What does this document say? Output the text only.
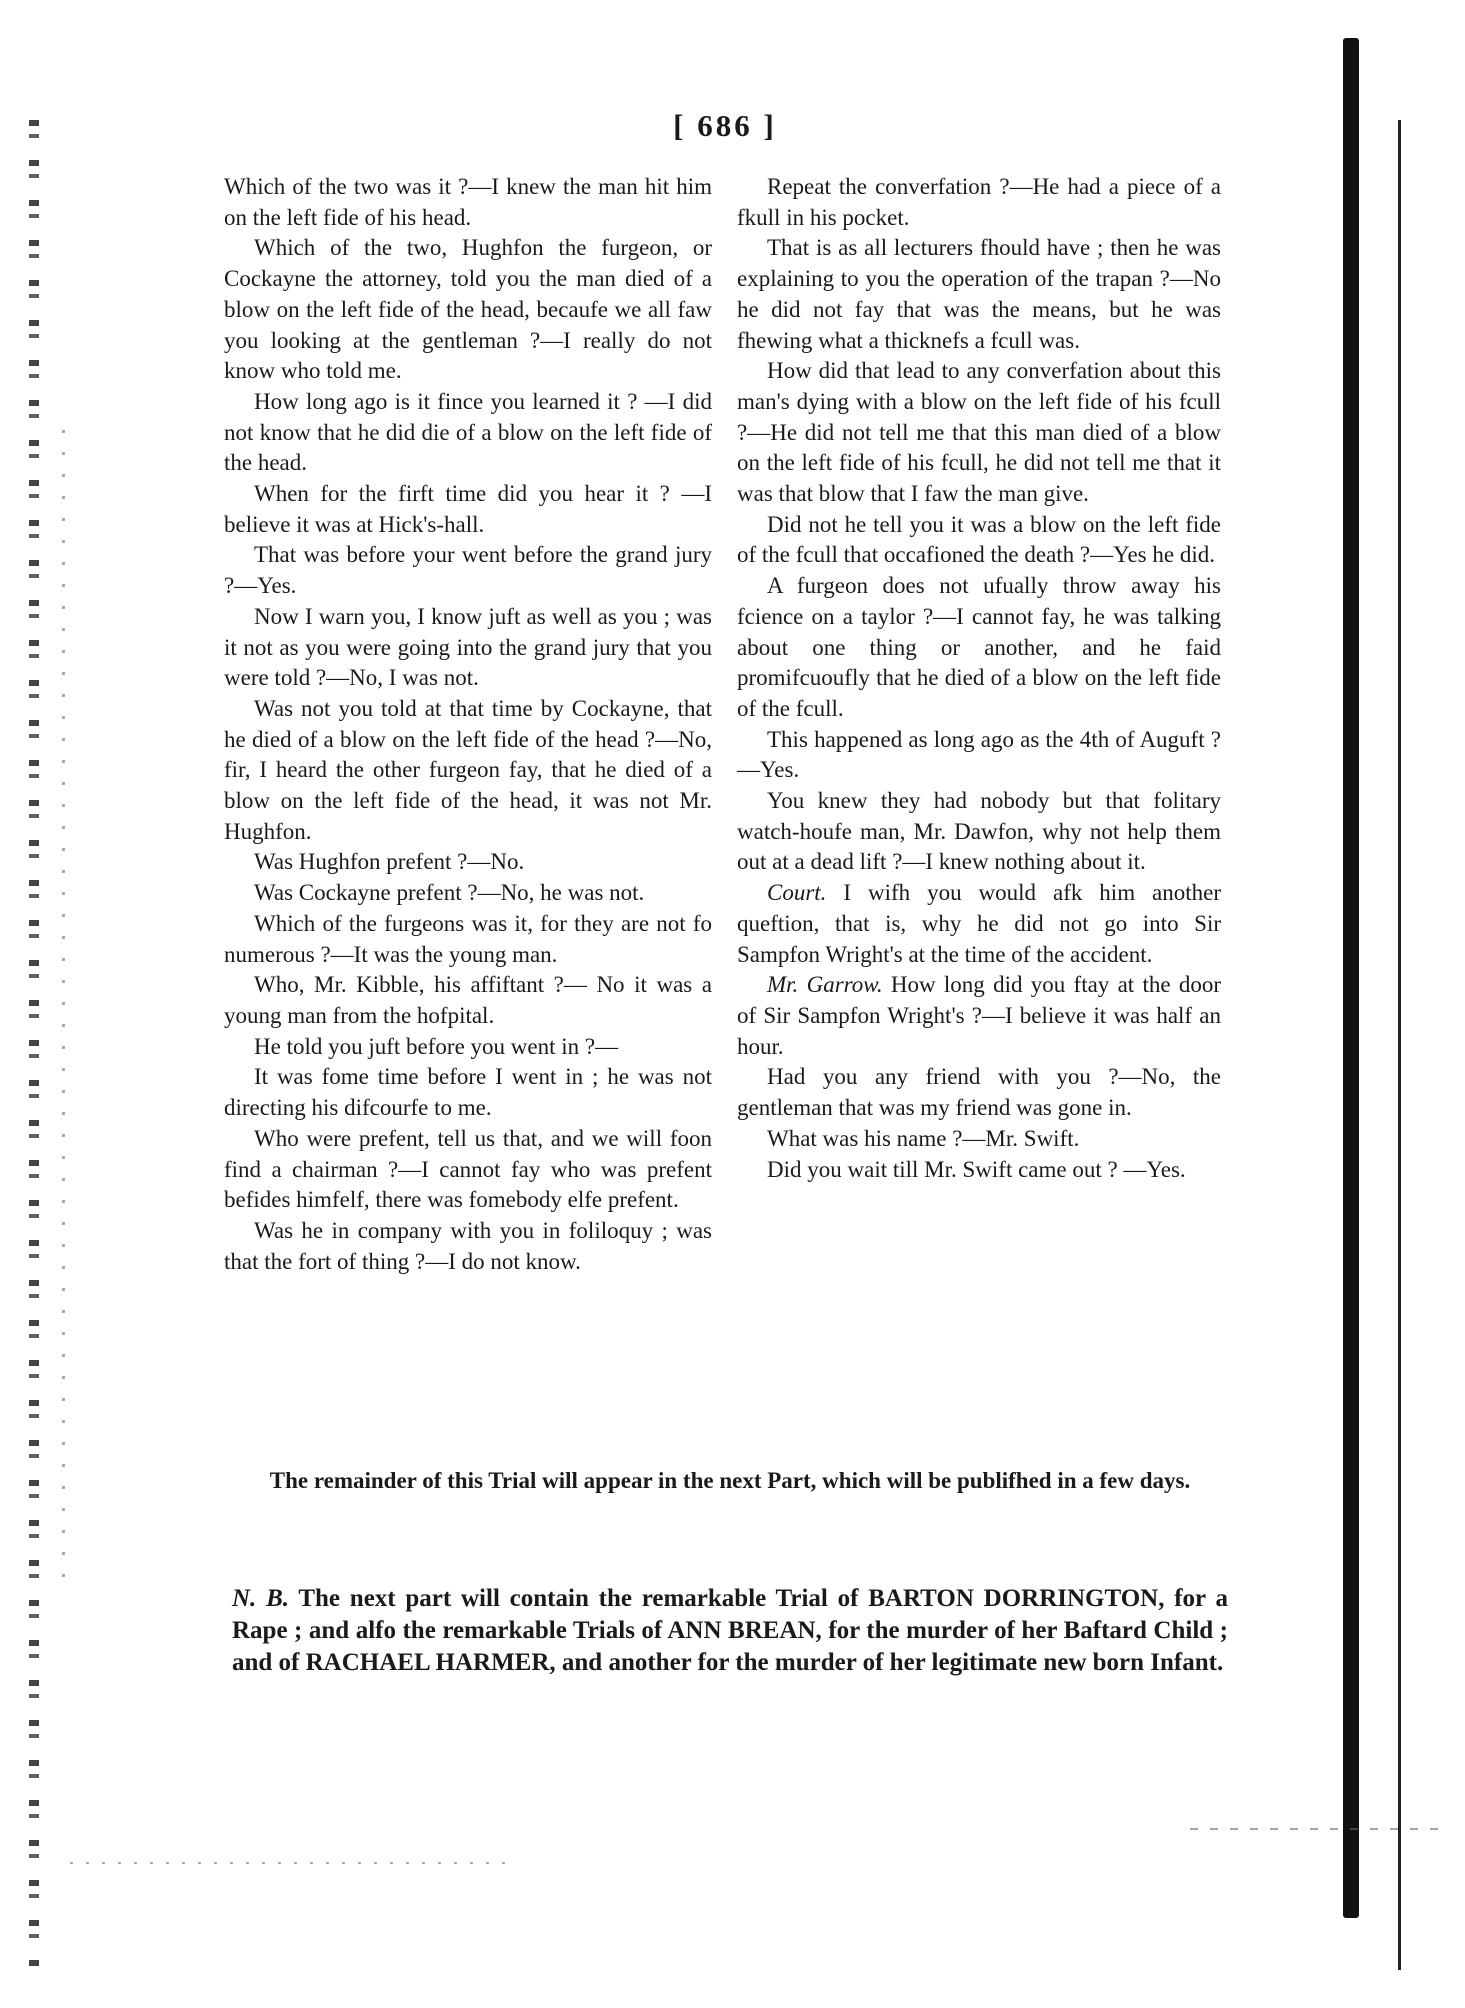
[ 686 ]

Which of the two was it ?—I knew the man hit him on the left fide of his head.

Which of the two, Hughfon the furgeon, or Cockayne the attorney, told you the man died of a blow on the left fide of the head, becaufe we all faw you looking at the gentleman ?—I really do not know who told me.

How long ago is it fince you learned it ? —I did not know that he did die of a blow on the left fide of the head.

When for the firft time did you hear it ? —I believe it was at Hick's-hall.

That was before your went before the grand jury ?—Yes.

Now I warn you, I know juft as well as you ; was it not as you were going into the grand jury that you were told ?—No, I was not.

Was not you told at that time by Cockayne, that he died of a blow on the left fide of the head ?—No, fir, I heard the other furgeon fay, that he died of a blow on the left fide of the head, it was not Mr. Hughfon.

Was Hughfon prefent ?—No.

Was Cockayne prefent ?—No, he was not.

Which of the furgeons was it, for they are not fo numerous ?—It was the young man.

Who, Mr. Kibble, his affiftant ?— No it was a young man from the hofpital.

He told you juft before you went in ?—

It was fome time before I went in ; he was not directing his difcourfe to me.

Who were prefent, tell us that, and we will foon find a chairman ?—I cannot fay who was prefent befides himfelf, there was fomebody elfe prefent.

Was he in company with you in foliloquy ; was that the fort of thing ?—I do not know.

Repeat the converfation ?—He had a piece of a fkull in his pocket.

That is as all lecturers fhould have ; then he was explaining to you the operation of the trapan ?—No he did not fay that was the means, but he was fhewing what a thicknefs a fcull was.

How did that lead to any converfation about this man's dying with a blow on the left fide of his fcull ?—He did not tell me that this man died of a blow on the left fide of his fcull, he did not tell me that it was that blow that I faw the man give.

Did not he tell you it was a blow on the left fide of the fcull that occafioned the death ?—Yes he did.

A furgeon does not ufually throw away his fcience on a taylor ?—I cannot fay, he was talking about one thing or another, and he faid promifcuoufly that he died of a blow on the left fide of the fcull.

This happened as long ago as the 4th of Auguft ?—Yes.

You knew they had nobody but that folitary watch-houfe man, Mr. Dawfon, why not help them out at a dead lift ?—I knew nothing about it.

Court. I wifh you would afk him another queftion, that is, why he did not go into Sir Sampfon Wright's at the time of the accident.

Mr. Garrow. How long did you ftay at the door of Sir Sampfon Wright's ?—I believe it was half an hour.

Had you any friend with you ?—No, the gentleman that was my friend was gone in.

What was his name ?—Mr. Swift.

Did you wait till Mr. Swift came out ? —Yes.

The remainder of this Trial will appear in the next Part, which will be publifhed in a few days.
N. B. The next part will contain the remarkable Trial of BARTON DORRINGTON, for a Rape ; and alfo the remarkable Trials of ANN BREAN, for the murder of her Baftard Child ; and of RACHAEL HARMER, and another for the murder of her legitimate new born Infant.
